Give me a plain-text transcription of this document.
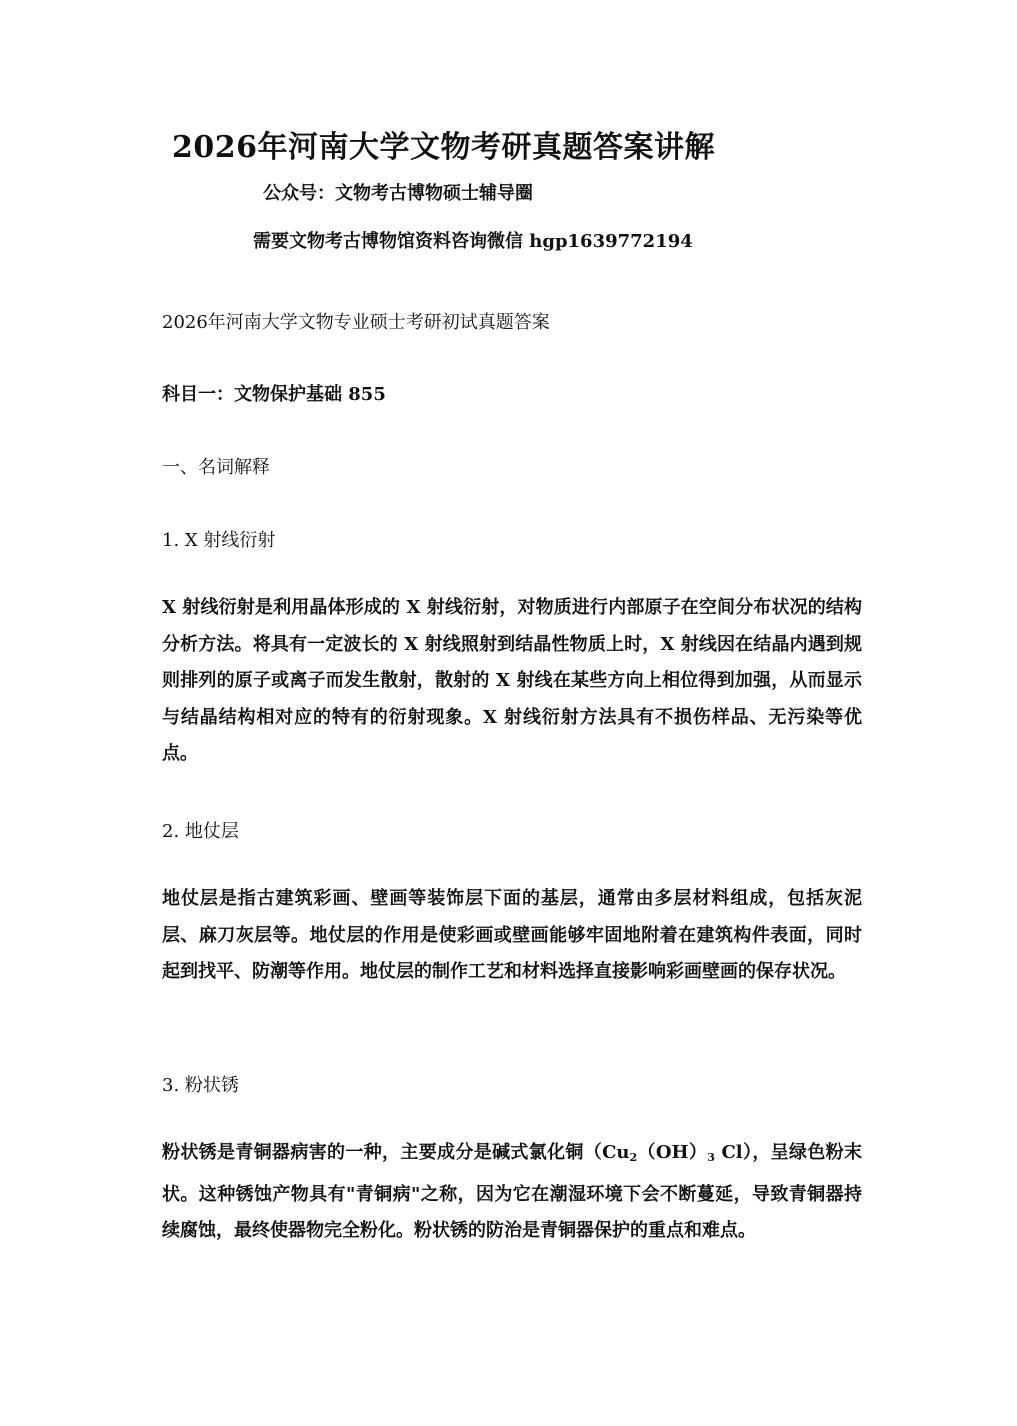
2026年河南大学文物考研真题答案讲解
公众号：文物考古博物硕士辅导圈
需要文物考古博物馆资料咨询微信 hgp1639772194
2026年河南大学文物专业硕士考研初试真题答案
科目一：文物保护基础 855
一、名词解释
1. X 射线衍射
X 射线衍射是利用晶体形成的 X 射线衍射，对物质进行内部原子在空间分布状况的结构分析方法。将具有一定波长的 X 射线照射到结晶性物质上时，X 射线因在结晶内遇到规则排列的原子或离子而发生散射，散射的 X 射线在某些方向上相位得到加强，从而显示与结晶结构相对应的特有的衍射现象。X 射线衍射方法具有不损伤样品、无污染等优点。
2. 地仗层
地仗层是指古建筑彩画、壁画等装饰层下面的基层，通常由多层材料组成，包括灰泥层、麻刀灰层等。地仗层的作用是使彩画或壁画能够牢固地附着在建筑构件表面，同时起到找平、防潮等作用。地仗层的制作工艺和材料选择直接影响彩画壁画的保存状况。
3. 粉状锈
粉状锈是青铜器病害的一种，主要成分是碱式氯化铜（$Cu_2(OH)_3$ Cl），呈绿色粉末状。这种锈蚀产物具有"青铜病"之称，因为它在潮湿环境下会不断蔓延，导致青铜器持续腐蚀，最终使器物完全粉化。粉状锈的防治是青铜器保护的重点和难点。
